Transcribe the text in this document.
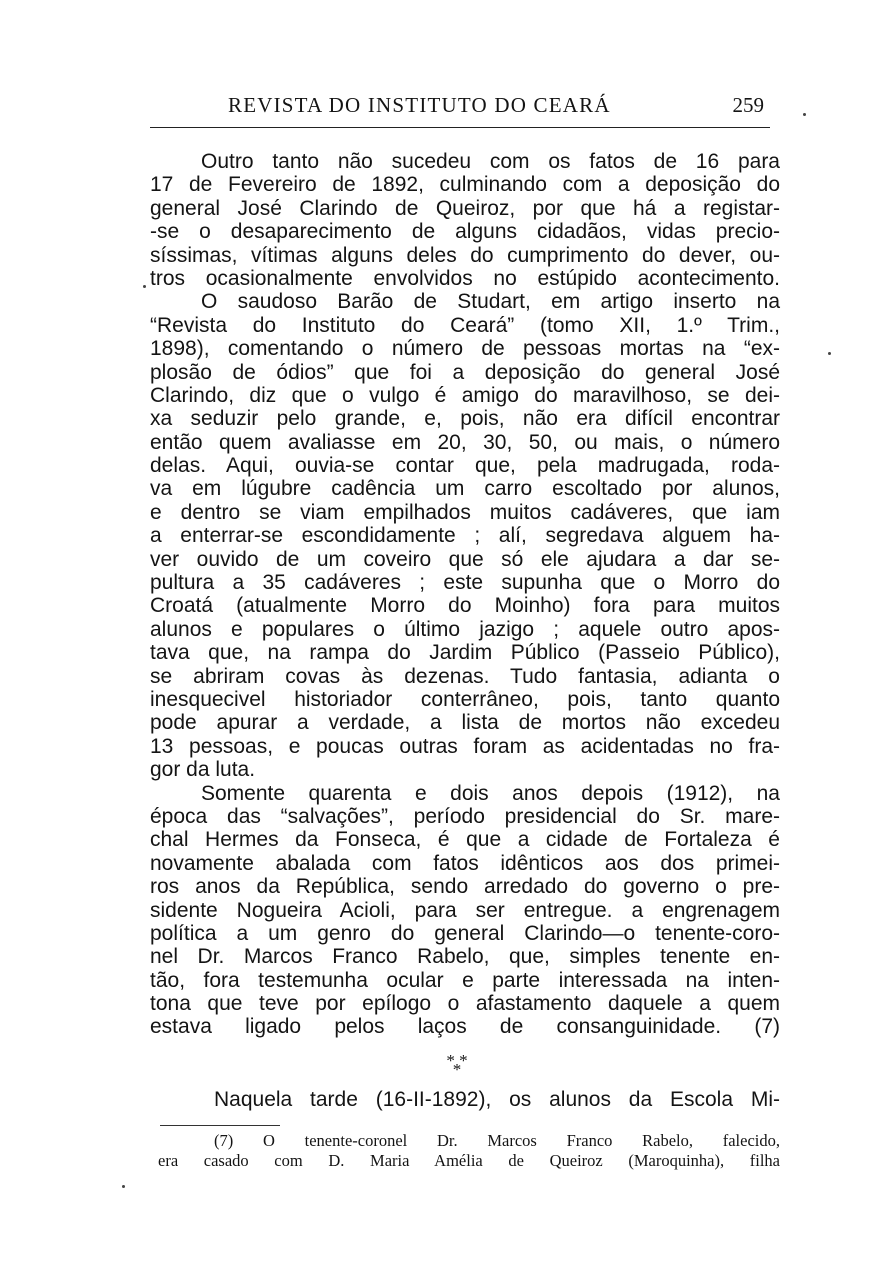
REVISTA DO INSTITUTO DO CEARÁ	259
Outro tanto não sucedeu com os fatos de 16 para
17 de Fevereiro de 1892, culminando com a deposição do
general José Clarindo de Queiroz, por que há a registar-
-se o desaparecimento de alguns cidadãos, vidas precio-
síssimas, vítimas alguns deles do cumprimento do dever, ou-
tros ocasionalmente envolvidos no estúpido acontecimento.
O saudoso Barão de Studart, em artigo inserto na
“Revista do Instituto do Ceará” (tomo XII, 1.º Trim.,
1898), comentando o número de pessoas mortas na “ex-
plosão de ódios” que foi a deposição do general José
Clarindo, diz que o vulgo é amigo do maravilhoso, se dei-
xa seduzir pelo grande, e, pois, não era difícil encontrar
então quem avaliasse em 20, 30, 50, ou mais, o número
delas. Aqui, ouvia-se contar que, pela madrugada, roda-
va em lúgubre cadência um carro escoltado por alunos,
e dentro se viam empilhados muitos cadáveres, que iam
a enterrar-se escondidamente ; alí, segredava alguem ha-
ver ouvido de um coveiro que só ele ajudara a dar se-
pultura a 35 cadáveres ; este supunha que o Morro do
Croatá (atualmente Morro do Moinho) fora para muitos
alunos e populares o último jazigo ; aquele outro apos-
tava que, na rampa do Jardim Público (Passeio Público),
se abriram covas às dezenas. Tudo fantasia, adianta o
inesquecivel historiador conterrâneo, pois, tanto quanto
pode apurar a verdade, a lista de mortos não excedeu
13 pessoas, e poucas outras foram as acidentadas no fra-
gor da luta.
Somente quarenta e dois anos depois (1912), na
época das “salvações”, período presidencial do Sr. mare-
chal Hermes da Fonseca, é que a cidade de Fortaleza é
novamente abalada com fatos idênticos aos dos primei-
ros anos da República, sendo arredado do governo o pre-
sidente Nogueira Acioli, para ser entregue. a engrenagem
política a um genro do general Clarindo—o tenente-coro-
nel Dr. Marcos Franco Rabelo, que, simples tenente en-
tão, fora testemunha ocular e parte interessada na inten-
tona que teve por epílogo o afastamento daquele a quem
estava ligado pelos laços de consanguinidade. (7)
* * *
Naquela tarde (16-II-1892), os alunos da Escola Mi-
(7) O tenente-coronel Dr. Marcos Franco Rabelo, falecido,
era casado com D. Maria Amélia de Queiroz (Maroquinha), filha
